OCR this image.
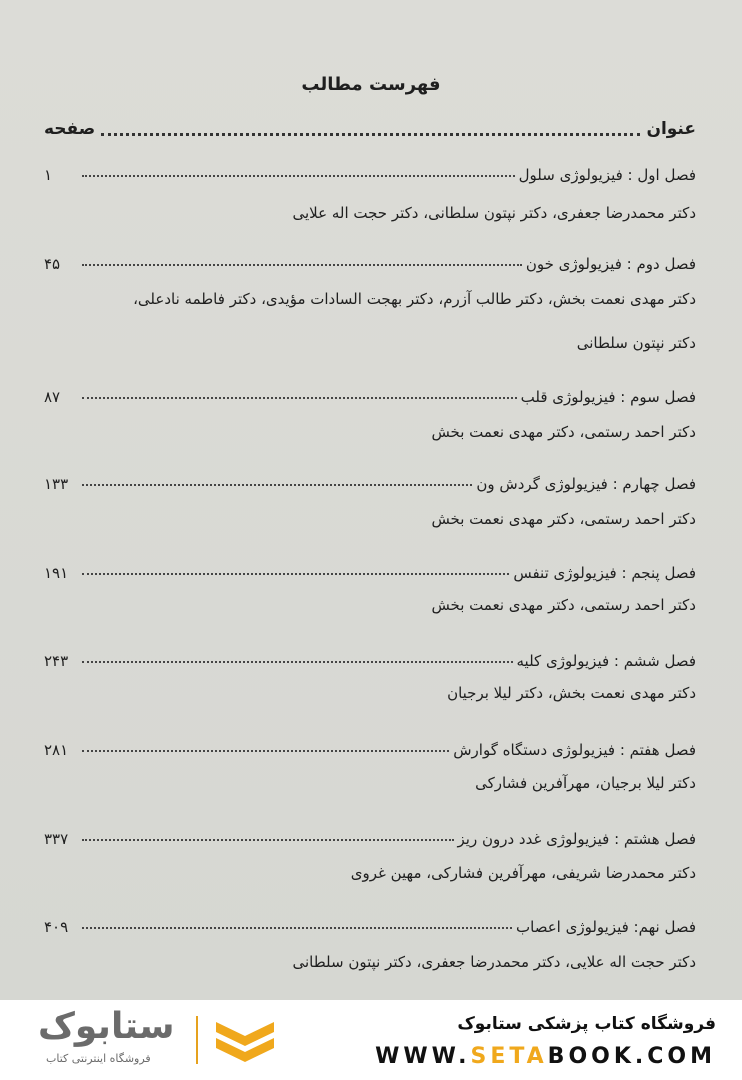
فهرست مطالب
عنوان
صفحه
فصل اول : فیزیولوژی سلول
۱
دکتر محمدرضا جعفری، دکتر نپتون سلطانی، دکتر حجت اله علایی
فصل دوم : فیزیولوژی خون
۴۵
دکتر مهدی نعمت بخش، دکتر طالب آزرم، دکتر بهجت السادات مؤیدی، دکتر فاطمه نادعلی،
دکتر نپتون سلطانی
فصل سوم : فیزیولوژی قلب
۸۷
دکتر احمد رستمی، دکتر مهدی نعمت بخش
فصل چهارم : فیزیولوژی گردش ون
۱۳۳
دکتر احمد رستمی، دکتر مهدی نعمت بخش
فصل پنجم : فیزیولوژی تنفس
۱۹۱
دکتر احمد رستمی، دکتر مهدی نعمت بخش
فصل ششم : فیزیولوژی کلیه
۲۴۳
دکتر مهدی نعمت بخش، دکتر لیلا برجیان
فصل هفتم : فیزیولوژی دستگاه گوارش
۲۸۱
دکتر لیلا برجیان، مهرآفرین فشارکی
فصل هشتم : فیزیولوژی غدد درون ریز
۳۳۷
دکتر محمدرضا شریفی، مهرآفرین فشارکی، مهین غروی
فصل نهم: فیزیولوژی اعصاب
۴۰۹
دکتر حجت اله علایی، دکتر محمدرضا جعفری، دکتر نپتون سلطانی
ستابوک
فروشگاه اینترنتی کتاب
فروشگاه کتاب پزشکی ستابوک
WWW.SETABOOK.COM
